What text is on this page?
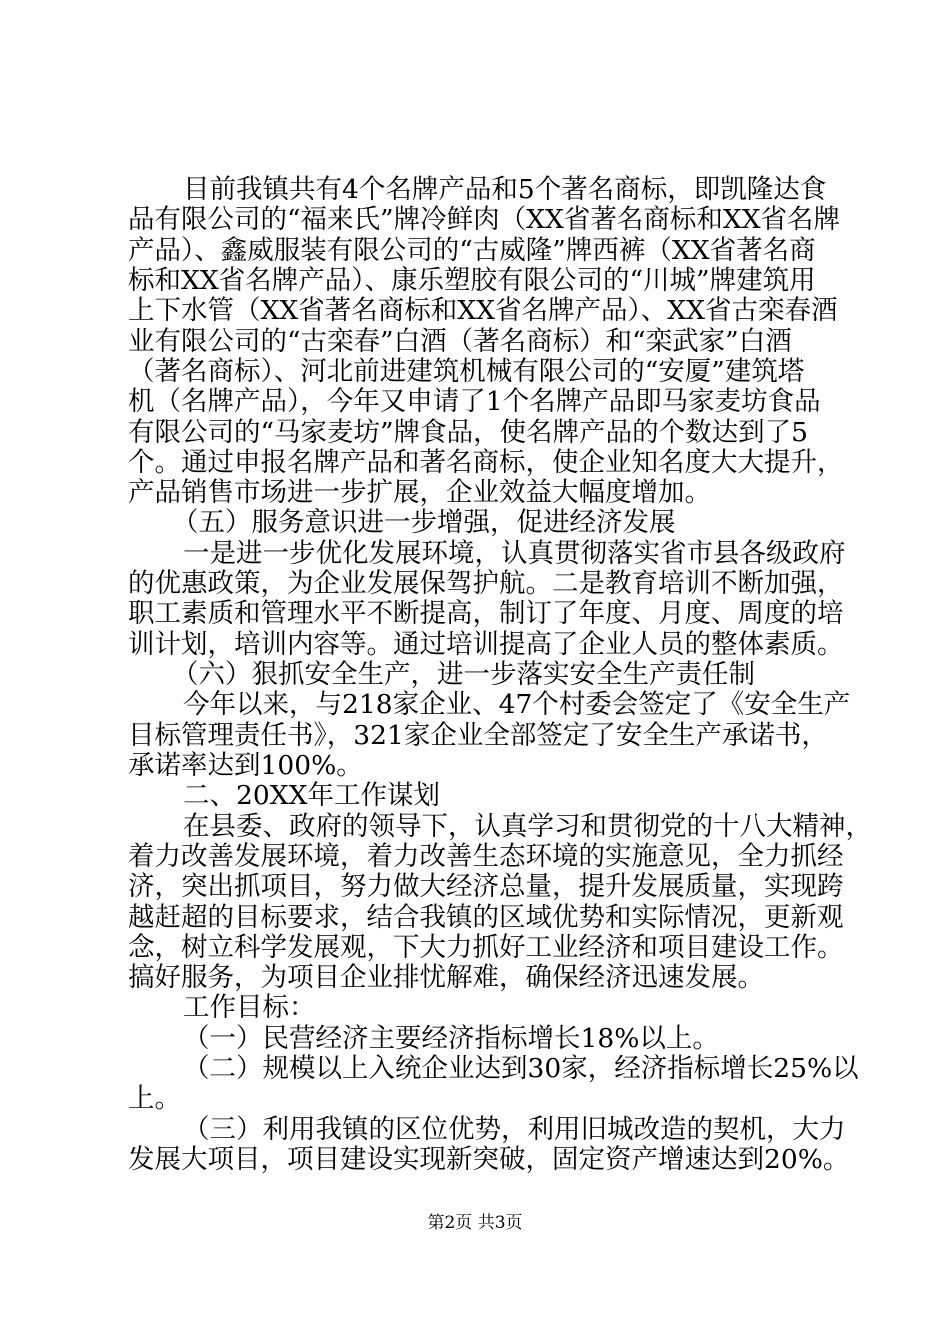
目前我镇共有4个名牌产品和5个著名商标，即凯隆达食
品有限公司的“福来氏”牌冷鲜肉（XX省著名商标和XX省名牌
产品）、鑫威服装有限公司的“古威隆”牌西裤（XX省著名商
标和XX省名牌产品）、康乐塑胶有限公司的“川城”牌建筑用
上下水管（XX省著名商标和XX省名牌产品）、XX省古栾春酒
业有限公司的“古栾春”白酒（著名商标）和“栾武家”白酒
（著名商标）、河北前进建筑机械有限公司的“安厦”建筑塔
机（名牌产品），今年又申请了1个名牌产品即马家麦坊食品
有限公司的“马家麦坊”牌食品，使名牌产品的个数达到了5
个。通过申报名牌产品和著名商标，使企业知名度大大提升，
产品销售市场进一步扩展，企业效益大幅度增加。
（五）服务意识进一步增强，促进经济发展
一是进一步优化发展环境，认真贯彻落实省市县各级政府
的优惠政策，为企业发展保驾护航。二是教育培训不断加强，
职工素质和管理水平不断提高，制订了年度、月度、周度的培
训计划，培训内容等。通过培训提高了企业人员的整体素质。
（六）狠抓安全生产，进一步落实安全生产责任制
今年以来，与218家企业、47个村委会签定了《安全生产
目标管理责任书》，321家企业全部签定了安全生产承诺书，
承诺率达到100%。
二、20XX年工作谋划
在县委、政府的领导下，认真学习和贯彻党的十八大精神，
着力改善发展环境，着力改善生态环境的实施意见，全力抓经
济，突出抓项目，努力做大经济总量，提升发展质量，实现跨
越赶超的目标要求，结合我镇的区域优势和实际情况，更新观
念，树立科学发展观，下大力抓好工业经济和项目建设工作。
搞好服务，为项目企业排忧解难，确保经济迅速发展。
工作目标：
（一）民营经济主要经济指标增长18%以上。
（二）规模以上入统企业达到30家，经济指标增长25%以
上。
（三）利用我镇的区位优势，利用旧城改造的契机，大力
发展大项目，项目建设实现新突破，固定资产增速达到20%。
第2页 共3页
